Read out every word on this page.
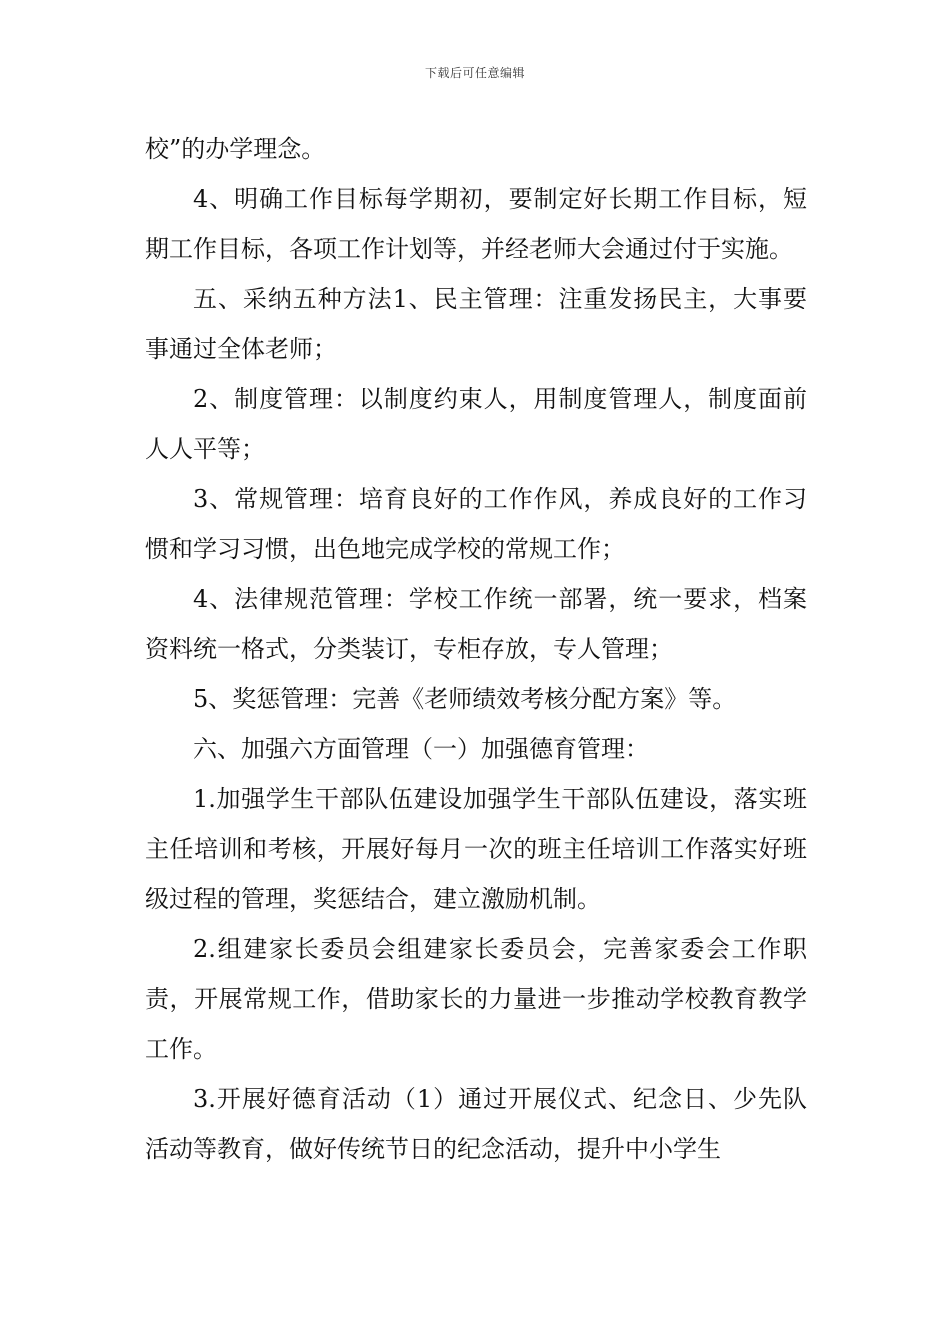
下载后可任意编辑

校”的办学理念。

4、明确工作目标每学期初，要制定好长期工作目标，短期工作目标，各项工作计划等，并经老师大会通过付于实施。

五、采纳五种方法1、民主管理：注重发扬民主，大事要事通过全体老师；

2、制度管理：以制度约束人，用制度管理人，制度面前人人平等；

3、常规管理：培育良好的工作作风，养成良好的工作习惯和学习习惯，出色地完成学校的常规工作；

4、法律规范管理：学校工作统一部署，统一要求，档案资料统一格式，分类装订，专柜存放，专人管理；

5、奖惩管理：完善《老师绩效考核分配方案》等。

六、加强六方面管理（一）加强德育管理：

1.加强学生干部队伍建设加强学生干部队伍建设，落实班主任培训和考核，开展好每月一次的班主任培训工作落实好班级过程的管理，奖惩结合，建立激励机制。

2.组建家长委员会组建家长委员会，完善家委会工作职责，开展常规工作，借助家长的力量进一步推动学校教育教学工作。

3.开展好德育活动（1）通过开展仪式、纪念日、少先队活动等教育，做好传统节日的纪念活动，提升中小学生
